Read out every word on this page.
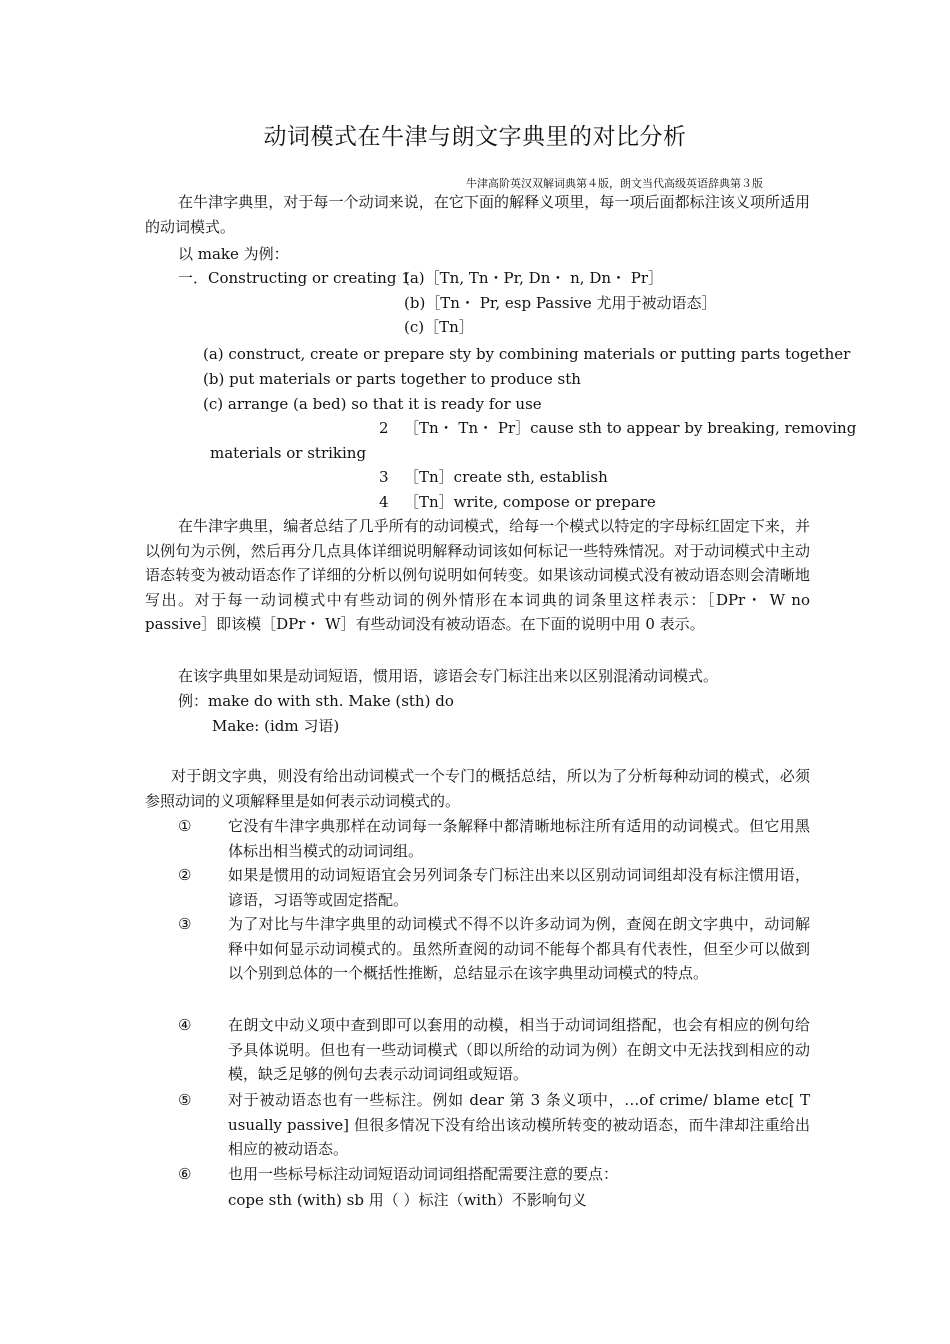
动词模式在牛津与朗文字典里的对比分析
牛津高阶英汉双解词典第４版，朗文当代高级英语辞典第３版
在牛津字典里，对于每一个动词来说，在它下面的解释义项里，每一项后面都标注该义项所适用的动词模式。
以 make 为例：
一．Constructing or creating 1
(a)［Tn, Tn・Pr, Dn・ n, Dn・ Pr］
(b)［Tn・ Pr, esp Passive 尤用于被动语态］
(c)［Tn］
(a) construct, create or prepare sty by combining materials or putting parts together
(b) put materials or parts together to produce sth
(c) arrange (a bed) so that it is ready for use
2 ［Tn・ Tn・ Pr］cause sth to appear by breaking, removing
materials or striking
3 ［Tn］create sth, establish
4 ［Tn］write, compose or prepare
在牛津字典里，编者总结了几乎所有的动词模式，给每一个模式以特定的字母标红固定下来，并以例句为示例，然后再分几点具体详细说明解释动词该如何标记一些特殊情况。对于动词模式中主动语态转变为被动语态作了详细的分析以例句说明如何转变。如果该动词模式没有被动语态则会清晰地写出。对于每一动词模式中有些动词的例外情形在本词典的词条里这样表示：［DPr・ W no passive］即该模［DPr・ W］有些动词没有被动语态。在下面的说明中用 0 表示。
在该字典里如果是动词短语，惯用语，谚语会专门标注出来以区别混淆动词模式。
例：make do with sth. Make (sth) do
Make: (idm 习语)
对于朗文字典，则没有给出动词模式一个专门的概括总结，所以为了分析每种动词的模式，必须参照动词的义项解释里是如何表示动词模式的。
① 它没有牛津字典那样在动词每一条解释中都清晰地标注所有适用的动词模式。但它用黑体标出相当模式的动词词组。
② 如果是惯用的动词短语宜会另列词条专门标注出来以区别动词词组却没有标注惯用语，谚语，习语等或固定搭配。
③ 为了对比与牛津字典里的动词模式不得不以许多动词为例，查阅在朗文字典中，动词解释中如何显示动词模式的。虽然所查阅的动词不能每个都具有代表性，但至少可以做到以个别到总体的一个概括性推断，总结显示在该字典里动词模式的特点。
④ 在朗文中动义项中查到即可以套用的动模，相当于动词词组搭配，也会有相应的例句给予具体说明。但也有一些动词模式（即以所给的动词为例）在朗文中无法找到相应的动模，缺乏足够的例句去表示动词词组或短语。
⑤ 对于被动语态也有一些标注。例如 dear 第 3 条义项中，…of crime/ blame etc[ T usually passive] 但很多情况下没有给出该动模所转变的被动语态，而牛津却注重给出相应的被动语态。
⑥ 也用一些标号标注动词短语动词词组搭配需要注意的要点：
cope sth (with) sb 用（ ）标注（with）不影响句义
